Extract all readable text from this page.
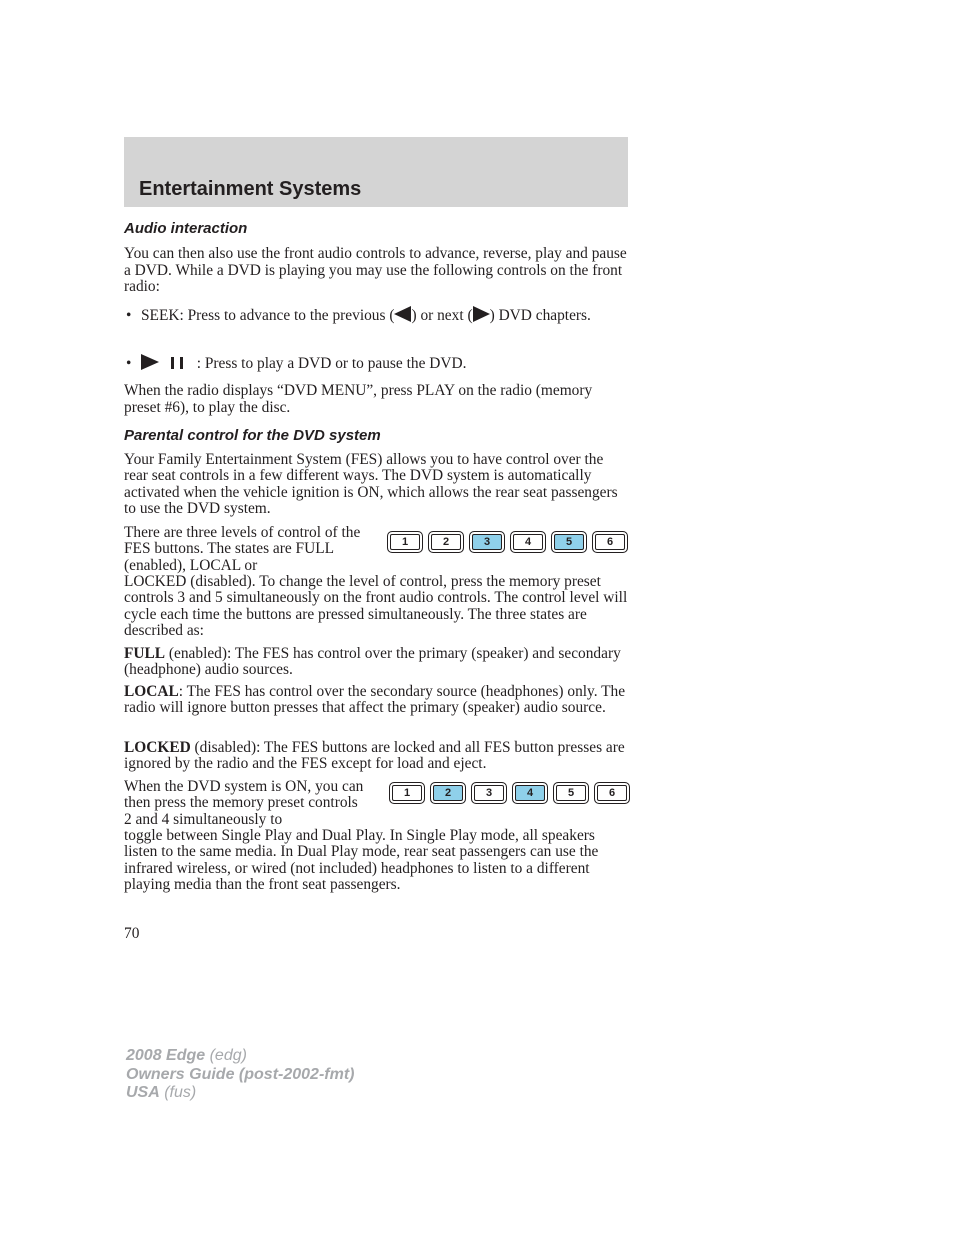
Entertainment Systems
Audio interaction
You can then also use the front audio controls to advance, reverse, play and pause a DVD. While a DVD is playing you may use the following controls on the front radio:
• SEEK: Press to advance to the previous ( ) or next ( ) DVD chapters.
•	: Press to play a DVD or to pause the DVD.
When the radio displays “DVD MENU”, press PLAY on the radio (memory preset #6), to play the disc.
Parental control for the DVD system
Your Family Entertainment System (FES) allows you to have control over the rear seat controls in a few different ways. The DVD system is automatically activated when the vehicle ignition is ON, which allows the rear seat passengers to use the DVD system.
There are three levels of control of the FES buttons. The states are FULL (enabled), LOCAL or
1	2	3	4	5	6
LOCKED (disabled). To change the level of control, press the memory preset controls 3 and 5 simultaneously on the front audio controls. The control level will cycle each time the buttons are pressed simultaneously. The three states are described as:
FULL (enabled): The FES has control over the primary (speaker) and secondary (headphone) audio sources.
LOCAL: The FES has control over the secondary source (headphones) only. The radio will ignore button presses that affect the primary (speaker) audio source.
LOCKED (disabled): The FES buttons are locked and all FES button presses are ignored by the radio and the FES except for load and eject.
When the DVD system is ON, you can then press the memory preset controls 2 and 4 simultaneously to
1	2	3	4	5	6
toggle between Single Play and Dual Play. In Single Play mode, all speakers listen to the same media. In Dual Play mode, rear seat passengers can use the infrared wireless, or wired (not included) headphones to listen to a different playing media than the front seat passengers.
70
2008 Edge (edg)
Owners Guide (post-2002-fmt)
USA (fus)
